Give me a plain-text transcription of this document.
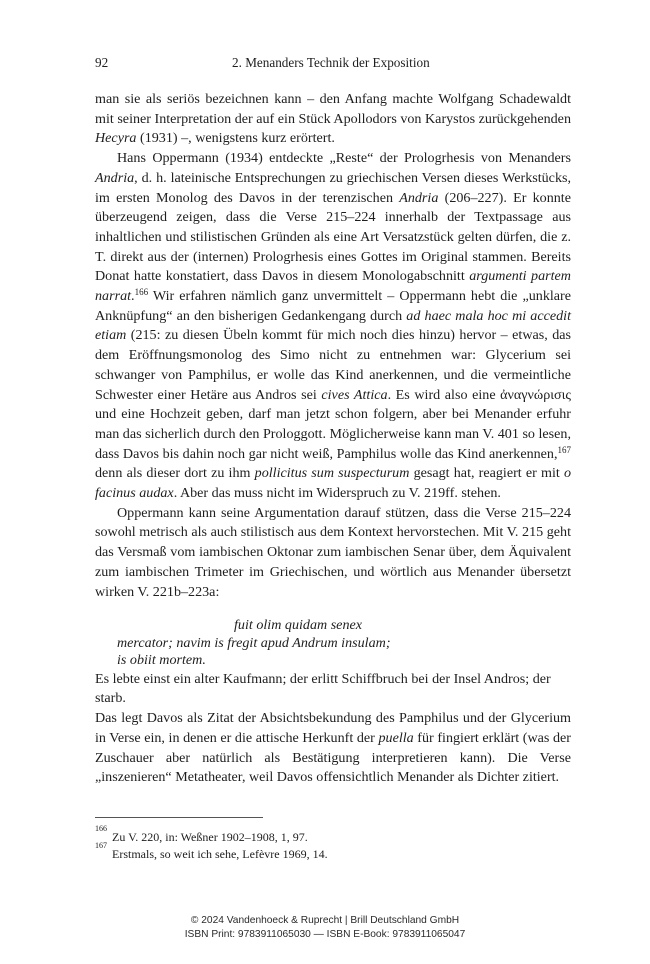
92	2. Menanders Technik der Exposition

man sie als seriös bezeichnen kann – den Anfang machte Wolfgang Schadewaldt mit seiner Interpretation der auf ein Stück Apollodors von Karystos zurückgehenden Hecyra (1931) –, wenigstens kurz erörtert.

Hans Oppermann (1934) entdeckte „Reste“ der Prologrhesis von Menanders Andria, d. h. lateinische Entsprechungen zu griechischen Versen dieses Werkstücks, im ersten Monolog des Davos in der terenzischen Andria (206–227). Er konnte überzeugend zeigen, dass die Verse 215–224 innerhalb der Textpassage aus inhaltlichen und stilistischen Gründen als eine Art Versatzstück gelten dürfen, die z. T. direkt aus der (internen) Prologrhesis eines Gottes im Original stammen. Bereits Donat hatte konstatiert, dass Davos in diesem Monologabschnitt argumenti partem narrat.$^{166}$ Wir erfahren nämlich ganz unvermittelt – Oppermann hebt die „unklare Anknüpfung“ an den bisherigen Gedankengang durch ad haec mala hoc mi accedit etiam (215: zu diesen Übeln kommt für mich noch dies hinzu) hervor – etwas, das dem Eröffnungsmonolog des Simo nicht zu entnehmen war: Glycerium sei schwanger von Pamphilus, er wolle das Kind anerkennen, und die vermeintliche Schwester einer Hetäre aus Andros sei cives Attica. Es wird also eine ἀναγνώρισις und eine Hochzeit geben, darf man jetzt schon folgern, aber bei Menander erfuhr man das sicherlich durch den Prologgott. Möglicherweise kann man V. 401 so lesen, dass Davos bis dahin noch gar nicht weiß, Pamphilus wolle das Kind anerkennen,$^{167}$ denn als dieser dort zu ihm pollicitus sum suspecturum gesagt hat, reagiert er mit o facinus audax. Aber das muss nicht im Widerspruch zu V. 219ff. stehen.

Oppermann kann seine Argumentation darauf stützen, dass die Verse 215–224 sowohl metrisch als auch stilistisch aus dem Kontext hervorstechen. Mit V. 215 geht das Versmaß vom iambischen Oktonar zum iambischen Senar über, dem Äquivalent zum iambischen Trimeter im Griechischen, und wörtlich aus Menander übersetzt wirken V. 221b–223a:

fuit olim quidam senex
mercator; navim is fregit apud Andrum insulam;
is obiit mortem.

Es lebte einst ein alter Kaufmann; der erlitt Schiffbruch bei der Insel Andros; der starb.

Das legt Davos als Zitat der Absichtsbekundung des Pamphilus und der Glycerium in Verse ein, in denen er die attische Herkunft der puella für fingiert erklärt (was der Zuschauer aber natürlich als Bestätigung interpretieren kann). Die Verse „inszenieren“ Metatheater, weil Davos offensichtlich Menander als Dichter zitiert.

166
Zu V. 220, in: Weßner 1902–1908, 1, 97.
167
Erstmals, so weit ich sehe, Lefèvre 1969, 14.
© 2024 Vandenhoeck & Ruprecht | Brill Deutschland GmbH
ISBN Print: 9783911065030 — ISBN E-Book: 9783911065047
